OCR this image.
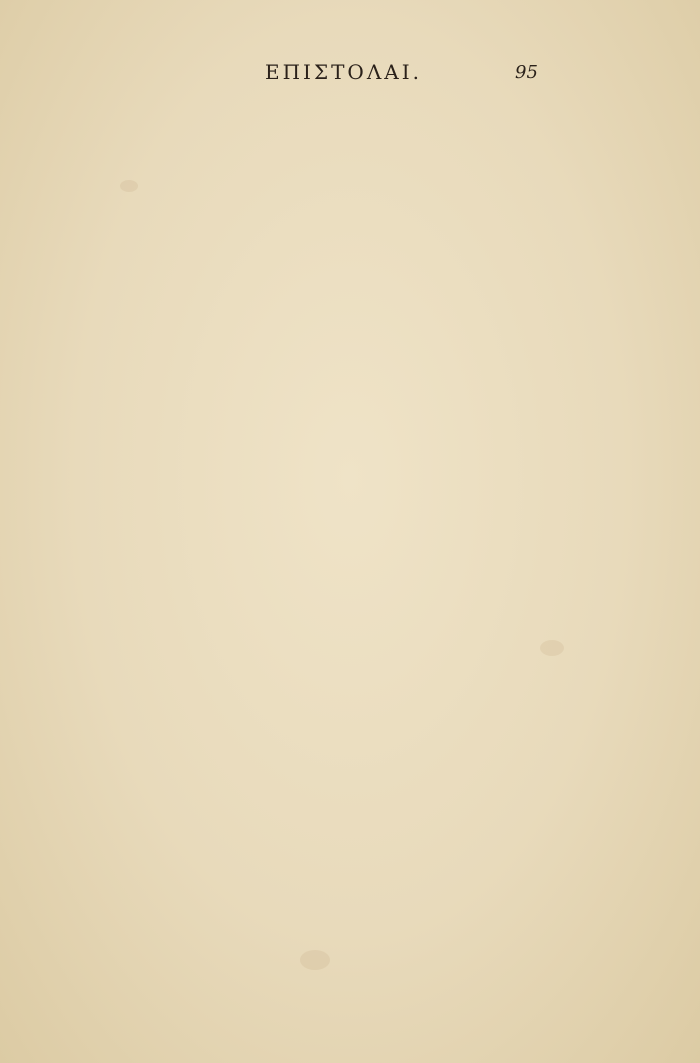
ΕΠΙΣΤΟΛΑΙ.	95
